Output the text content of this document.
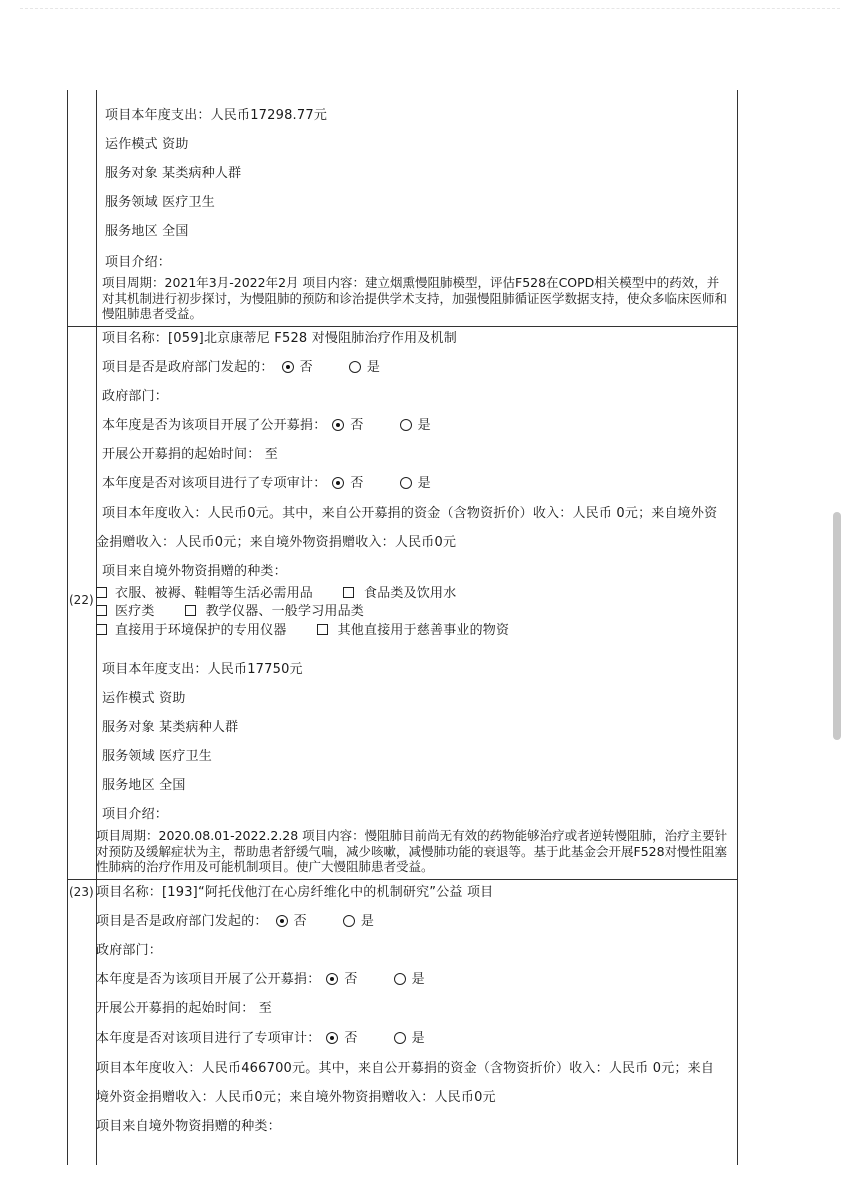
项目本年度支出：人民币17298.77元
运作模式 资助
服务对象 某类病种人群
服务领域 医疗卫生
服务地区 全国
项目介绍：
项目周期：2021年3月-2022年2月 项目内容：建立烟熏慢阻肺模型，评估F528在COPD相关模型中的药效，并对其机制进行初步探讨，为慢阻肺的预防和诊治提供学术支持，加强慢阻肺循证医学数据支持，使众多临床医师和慢阻肺患者受益。
(22)
项目名称：[059]北京康蒂尼 F528 对慢阻肺治疗作用及机制
项目是否是政府部门发起的： 否	是
政府部门：
本年度是否为该项目开展了公开募捐： 否	是
开展公开募捐的起始时间： 至
本年度是否对该项目进行了专项审计： 否	是
项目本年度收入：人民币0元。其中，来自公开募捐的资金（含物资折价）收入：人民币 0元；来自境外资
金捐赠收入：人民币0元；来自境外物资捐赠收入：人民币0元
项目来自境外物资捐赠的种类：
衣服、被褥、鞋帽等生活必需用品	食品类及饮用水
医疗类	教学仪器、一般学习用品类
直接用于环境保护的专用仪器	其他直接用于慈善事业的物资
项目本年度支出：人民币17750元
运作模式 资助
服务对象 某类病种人群
服务领域 医疗卫生
服务地区 全国
项目介绍：
项目周期：2020.08.01-2022.2.28 项目内容：慢阻肺目前尚无有效的药物能够治疗或者逆转慢阻肺，治疗主要针对预防及缓解症状为主，帮助患者舒缓气喘，减少咳嗽，减慢肺功能的衰退等。基于此基金会开展F528对慢性阻塞性肺病的治疗作用及可能机制项目。使广大慢阻肺患者受益。
(23) 项目名称：[193]“阿托伐他汀在心房纤维化中的机制研究”公益 项目
项目是否是政府部门发起的： 否	是
政府部门：
本年度是否为该项目开展了公开募捐： 否	是
开展公开募捐的起始时间： 至
本年度是否对该项目进行了专项审计： 否	是
项目本年度收入：人民币466700元。其中，来自公开募捐的资金（含物资折价）收入：人民币 0元；来自
境外资金捐赠收入：人民币0元；来自境外物资捐赠收入：人民币0元
项目来自境外物资捐赠的种类：
